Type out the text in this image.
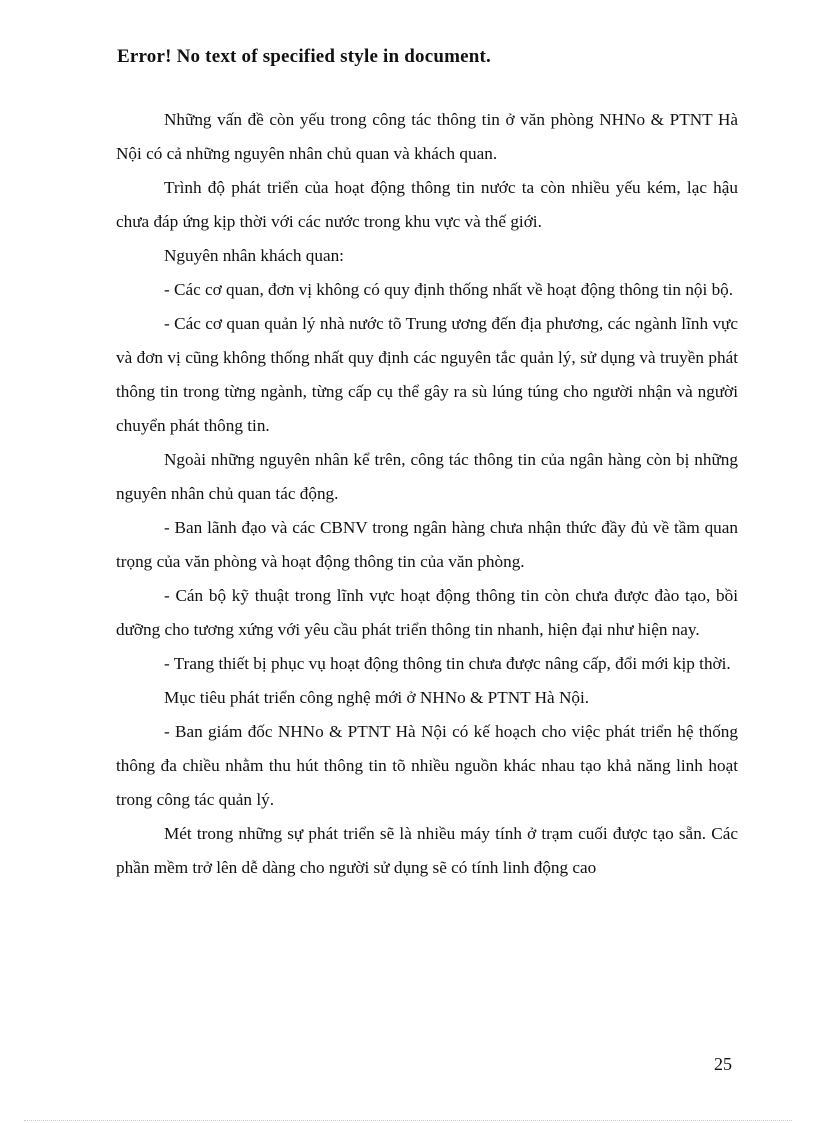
Error! No text of specified style in document.

Những vấn đề còn yếu trong công tác thông tin ở văn phòng NHNo & PTNT Hà Nội có cả những nguyên nhân chủ quan và khách quan.

Trình độ phát triển của hoạt động thông tin nước ta còn nhiều yếu kém, lạc hậu chưa đáp ứng kịp thời với các nước trong khu vực và thế giới.

Nguyên nhân khách quan:

- Các cơ quan, đơn vị không có quy định thống nhất về hoạt động thông tin nội bộ.

- Các cơ quan quản lý nhà nước tõ Trung ương đến địa phương, các ngành lĩnh vực và đơn vị cũng không thống nhất quy định các nguyên tắc quản lý, sử dụng và truyền phát thông tin trong từng ngành, từng cấp cụ thể gây ra sù lúng túng cho người nhận và người chuyển phát thông tin.

Ngoài những nguyên nhân kể trên, công tác thông tin của ngân hàng còn bị những nguyên nhân chủ quan tác động.

- Ban lãnh đạo và các CBNV trong ngân hàng chưa nhận thức đầy đủ về tầm quan trọng của văn phòng và hoạt động thông tin của văn phòng.

- Cán bộ kỹ thuật trong lĩnh vực hoạt động thông tin còn chưa được đào tạo, bồi dưỡng cho tương xứng với yêu cầu phát triển thông tin nhanh, hiện đại như hiện nay.

- Trang thiết bị phục vụ hoạt động thông tin chưa được nâng cấp, đổi mới kịp thời.

Mục tiêu phát triển công nghệ mới ở NHNo & PTNT Hà Nội.

- Ban giám đốc NHNo & PTNT Hà Nội có kế hoạch cho việc phát triển hệ thống thông đa chiều nhằm thu hút thông tin tõ nhiều nguồn khác nhau tạo khả năng linh hoạt trong công tác quản lý.

Mét trong những sự phát triển sẽ là nhiều máy tính ở trạm cuối được tạo sẵn. Các phần mềm trở lên dễ dàng cho người sử dụng sẽ có tính linh động cao

25
